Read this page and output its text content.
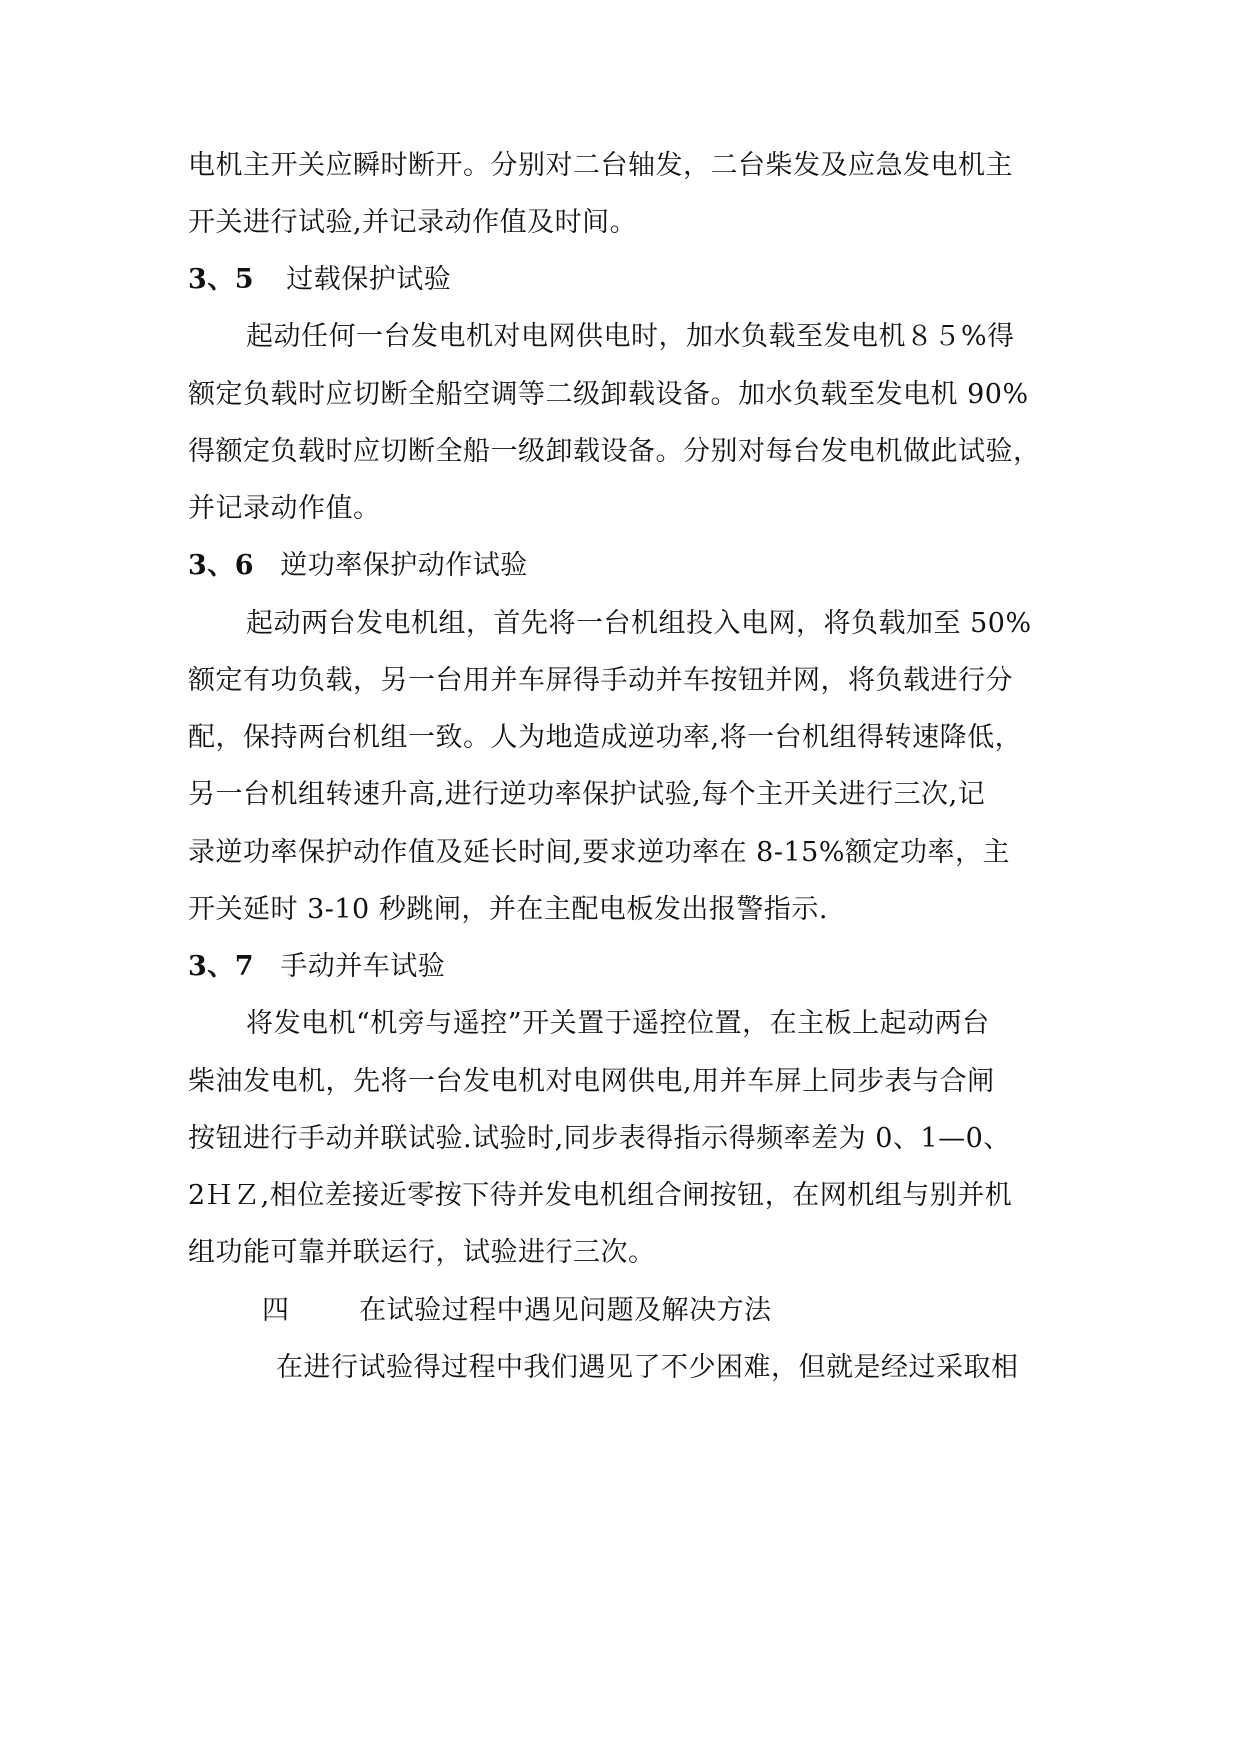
电机主开关应瞬时断开。分别对二台轴发，二台柴发及应急发电机主
开关进行试验,并记录动作值及时间。
3、5 过载保护试验
起动任何一台发电机对电网供电时，加水负载至发电机８５%得
额定负载时应切断全船空调等二级卸载设备。加水负载至发电机 90%
得额定负载时应切断全船一级卸载设备。分别对每台发电机做此试验，
并记录动作值。
3、6 逆功率保护动作试验
起动两台发电机组，首先将一台机组投入电网，将负载加至 50%
额定有功负载，另一台用并车屏得手动并车按钮并网，将负载进行分
配，保持两台机组一致。人为地造成逆功率,将一台机组得转速降低，
另一台机组转速升高,进行逆功率保护试验,每个主开关进行三次,记
录逆功率保护动作值及延长时间,要求逆功率在 8-15%额定功率，主
开关延时 3-10 秒跳闸，并在主配电板发出报警指示.
3、7 手动并车试验
将发电机“机旁与遥控”开关置于遥控位置，在主板上起动两台
柴油发电机，先将一台发电机对电网供电,用并车屏上同步表与合闸
按钮进行手动并联试验.试验时,同步表得指示得频率差为 0、1—0、
2ＨＺ,相位差接近零按下待并发电机组合闸按钮，在网机组与别并机
组功能可靠并联运行，试验进行三次。
四	在试验过程中遇见问题及解决方法
在进行试验得过程中我们遇见了不少困难，但就是经过采取相
